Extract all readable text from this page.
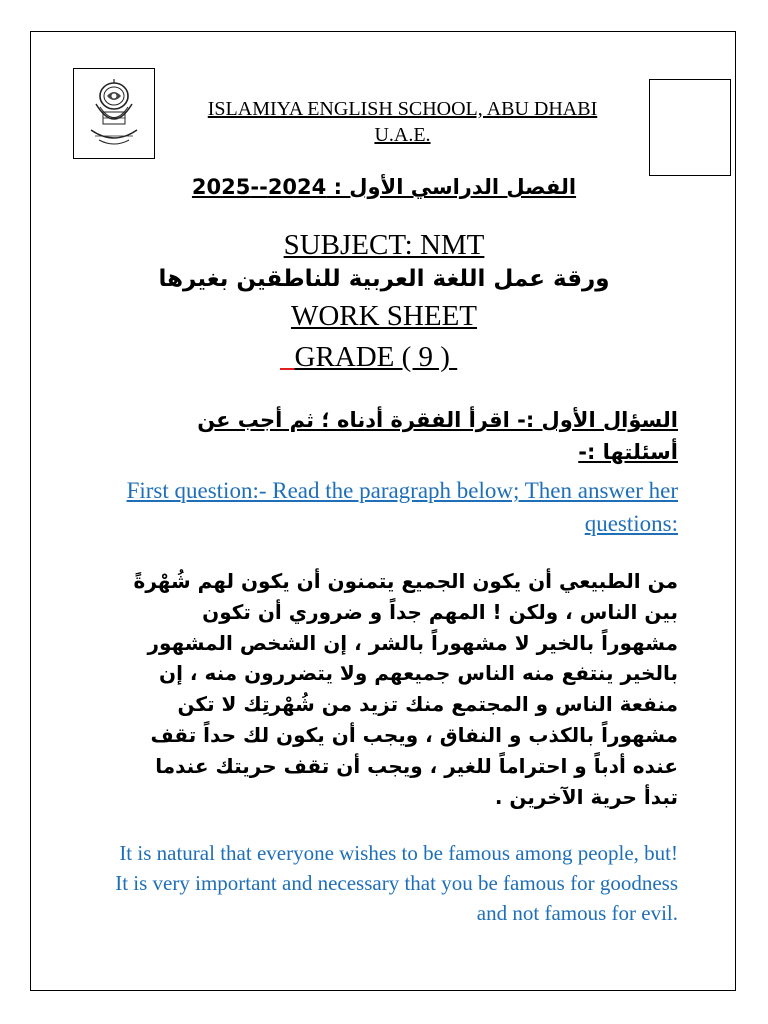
ISLAMIYA ENGLISH SCHOOL, ABU DHABI
U.A.E.
الفصل الدراسي الأول : 2024--2025
SUBJECT: NMT
ورقة عمل اللغة العربية للناطقين بغيرها
WORK SHEET
GRADE ( 9 )
السؤال الأول :- اقرأ الفقرة أدناه ؛ ثم أجب عن أسئلتها :-
First question:- Read the paragraph below; Then answer her questions:
من الطبيعي أن يكون الجميع يتمنون أن يكون لهم شُهْرةً بين الناس ، ولكن ! المهم جداً و ضروري أن تكون مشهوراً بالخير لا مشهوراً بالشر ، إن الشخص المشهور بالخير ينتفع منه الناس جميعهم ولا يتضررون منه ، إن منفعة الناس و المجتمع منك تزيد من شُهْرتِك لا تكن مشهوراً بالكذب و النفاق ، ويجب أن يكون لك حداً تقف عنده أدباً و احتراماً للغير ، ويجب أن تقف حريتك عندما تبدأ حرية الآخرين .
It is natural that everyone wishes to be famous among people, but! It is very important and necessary that you be famous for goodness and not famous for evil.
